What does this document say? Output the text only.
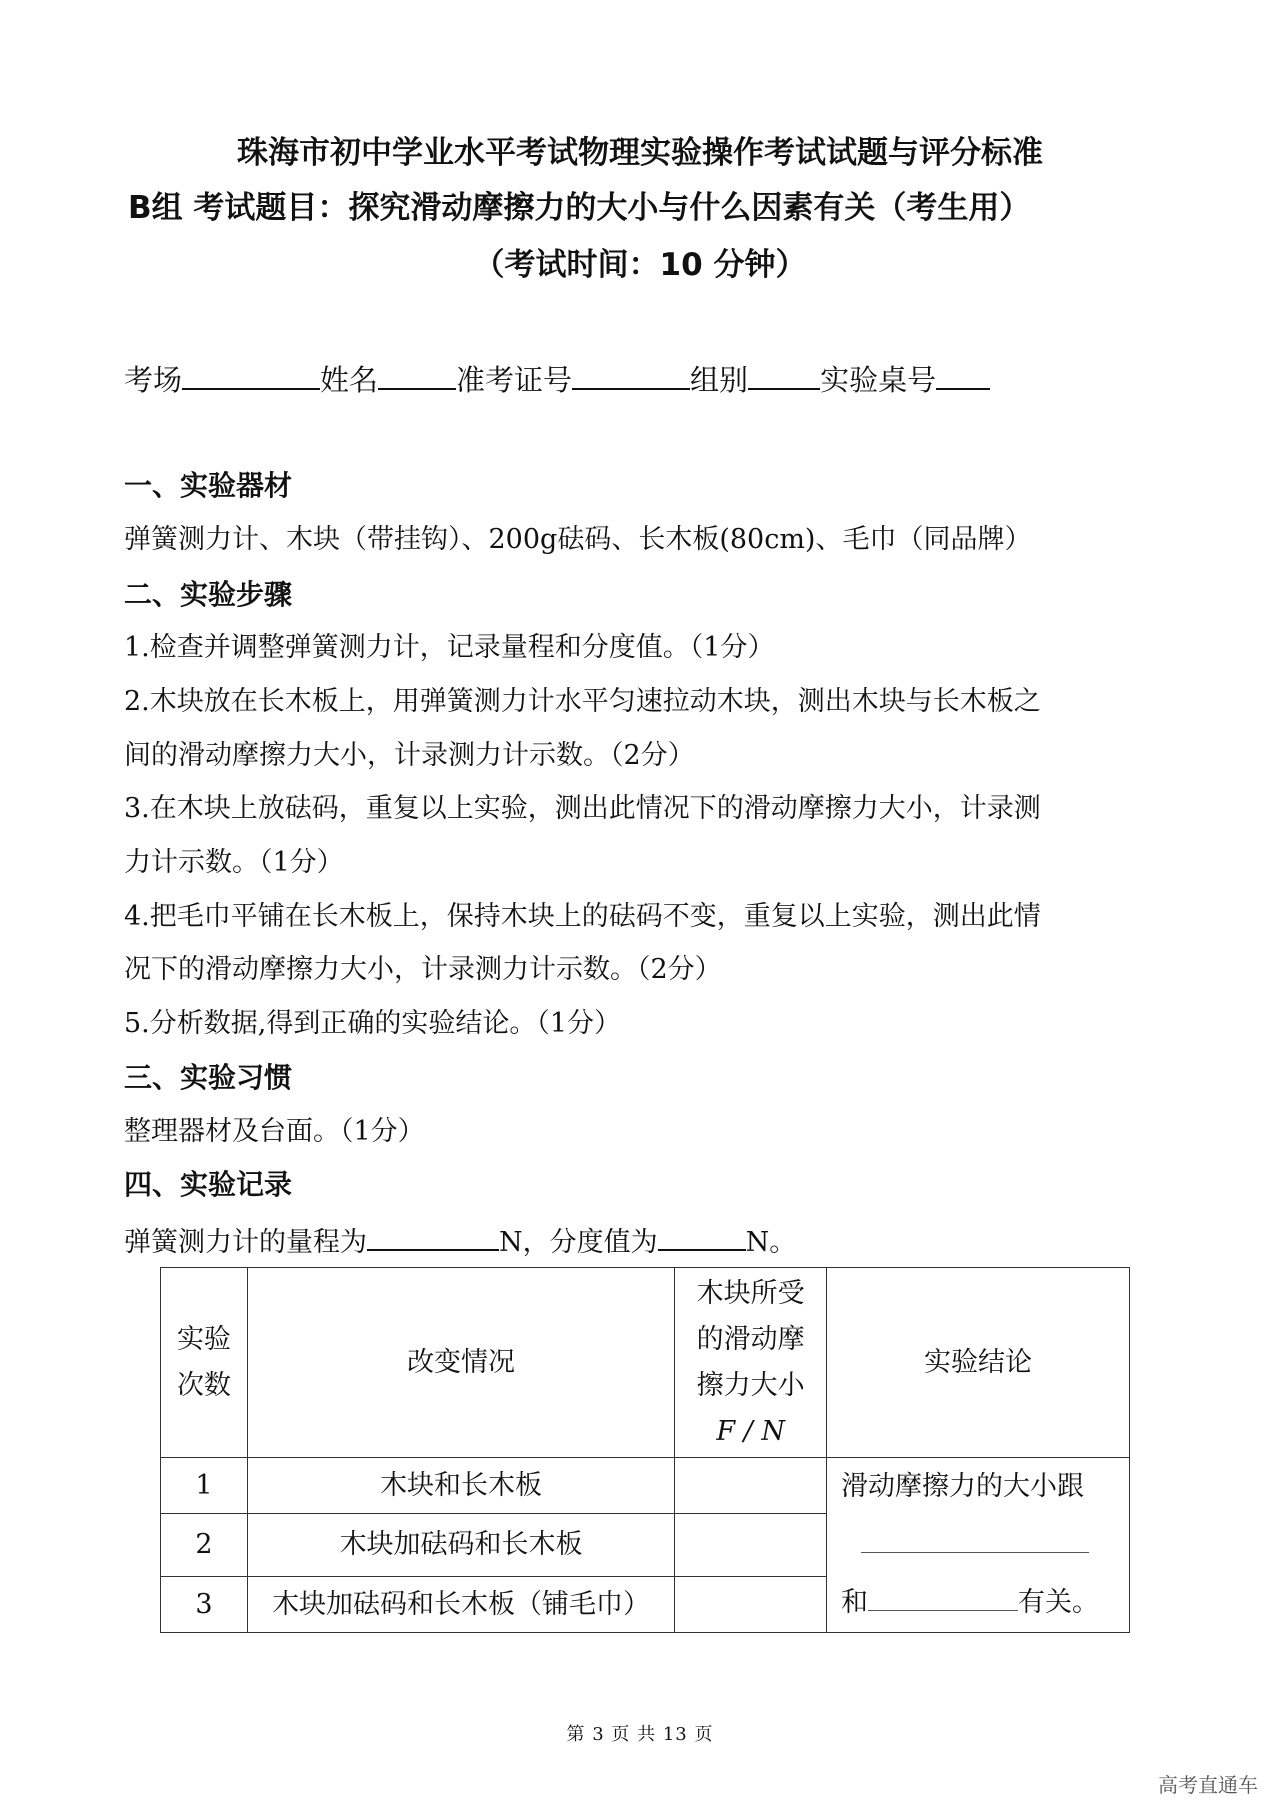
珠海市初中学业水平考试物理实验操作考试试题与评分标准
B组 考试题目：探究滑动摩擦力的大小与什么因素有关（考生用）
（考试时间：10 分钟）
考场	姓名	准考证号	组别 实验桌号
一、实验器材
弹簧测力计、木块（带挂钩）、200g砝码、长木板(80cm)、毛巾（同品牌）
二、实验步骤
1.检查并调整弹簧测力计，记录量程和分度值。（1分）
2.木块放在长木板上，用弹簧测力计水平匀速拉动木块，测出木块与长木板之
间的滑动摩擦力大小，计录测力计示数。（2分）
3.在木块上放砝码，重复以上实验，测出此情况下的滑动摩擦力大小，计录测
力计示数。（1分）
4.把毛巾平铺在长木板上，保持木块上的砝码不变，重复以上实验，测出此情
况下的滑动摩擦力大小，计录测力计示数。（2分）
5.分析数据,得到正确的实验结论。（1分）
三、实验习惯
整理器材及台面。（1分）
四、实验记录
弹簧测力计的量程为	N，分度值为	N。
实验
次数	改变情况	木块所受
的滑动摩
擦力大小
F / N	实验结论
1	木块和长木板		滑动摩擦力的大小跟

和 有关。
2	木块加砝码和长木板		
3	木块加砝码和长木板（铺毛巾）		
第 3 页 共 13 页
高考直通车
